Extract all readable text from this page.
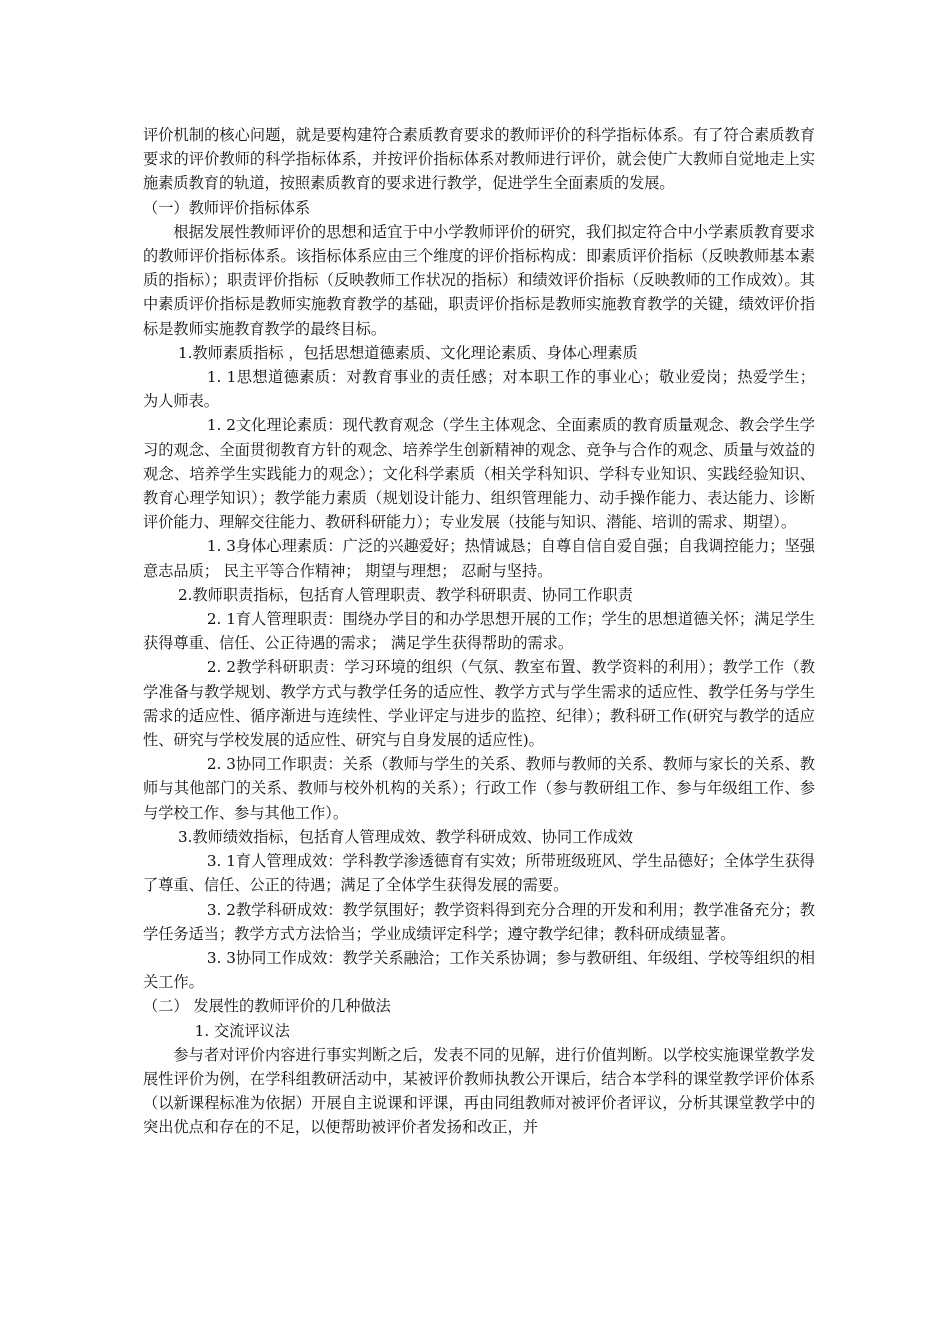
评价机制的核心问题，就是要构建符合素质教育要求的教师评价的科学指标体系。有了符合素质教育要求的评价教师的科学指标体系，并按评价指标体系对教师进行评价，就会使广大教师自觉地走上实施素质教育的轨道，按照素质教育的要求进行教学，促进学生全面素质的发展。

（一）教师评价指标体系

根据发展性教师评价的思想和适宜于中小学教师评价的研究，我们拟定符合中小学素质教育要求的教师评价指标体系。该指标体系应由三个维度的评价指标构成：即素质评价指标（反映教师基本素质的指标）；职责评价指标（反映教师工作状况的指标）和绩效评价指标（反映教师的工作成效）。其中素质评价指标是教师实施教育教学的基础，职责评价指标是教师实施教育教学的关键，绩效评价指标是教师实施教育教学的最终目标。

1.教师素质指标 ，包括思想道德素质、文化理论素质、身体心理素质

1. 1思想道德素质：对教育事业的责任感；对本职工作的事业心；敬业爱岗；热爱学生； 为人师表。

1. 2文化理论素质：现代教育观念（学生主体观念、全面素质的教育质量观念、教会学生学习的观念、全面贯彻教育方针的观念、培养学生创新精神的观念、竞争与合作的观念、质量与效益的观念、培养学生实践能力的观念）；文化科学素质（相关学科知识、学科专业知识、实践经验知识、教育心理学知识）；教学能力素质（规划设计能力、组织管理能力、动手操作能力、表达能力、诊断评价能力、理解交往能力、教研科研能力）；专业发展（技能与知识、潜能、培训的需求、期望）。

1. 3身体心理素质：广泛的兴趣爱好；热情诚恳；自尊自信自爱自强；自我调控能力；坚强意志品质； 民主平等合作精神； 期望与理想； 忍耐与坚持。

2.教师职责指标，包括育人管理职责、教学科研职责、协同工作职责

2. 1育人管理职责：围绕办学目的和办学思想开展的工作；学生的思想道德关怀；满足学生获得尊重、信任、公正待遇的需求； 满足学生获得帮助的需求。

2. 2教学科研职责：学习环境的组织（气氛、教室布置、教学资料的利用）；教学工作（教学准备与教学规划、教学方式与教学任务的适应性、教学方式与学生需求的适应性、教学任务与学生需求的适应性、循序渐进与连续性、学业评定与进步的监控、纪律）；教科研工作(研究与教学的适应性、研究与学校发展的适应性、研究与自身发展的适应性)。

2. 3协同工作职责：关系（教师与学生的关系、教师与教师的关系、教师与家长的关系、教师与其他部门的关系、教师与校外机构的关系）；行政工作（参与教研组工作、参与年级组工作、参与学校工作、参与其他工作）。

3.教师绩效指标，包括育人管理成效、教学科研成效、协同工作成效

3. 1育人管理成效：学科教学渗透德育有实效；所带班级班风、学生品德好；全体学生获得了尊重、信任、公正的待遇；满足了全体学生获得发展的需要。

3. 2教学科研成效：教学氛围好；教学资料得到充分合理的开发和利用；教学准备充分；教学任务适当；教学方式方法恰当；学业成绩评定科学；遵守教学纪律；教科研成绩显著。

3. 3协同工作成效：教学关系融洽；工作关系协调；参与教研组、年级组、学校等组织的相关工作。

（二） 发展性的教师评价的几种做法

1. 交流评议法

参与者对评价内容进行事实判断之后，发表不同的见解，进行价值判断。以学校实施课堂教学发展性评价为例，在学科组教研活动中，某被评价教师执教公开课后，结合本学科的课堂教学评价体系（以新课程标准为依据）开展自主说课和评课，再由同组教师对被评价者评议，分析其课堂教学中的突出优点和存在的不足，以便帮助被评价者发扬和改正，并
